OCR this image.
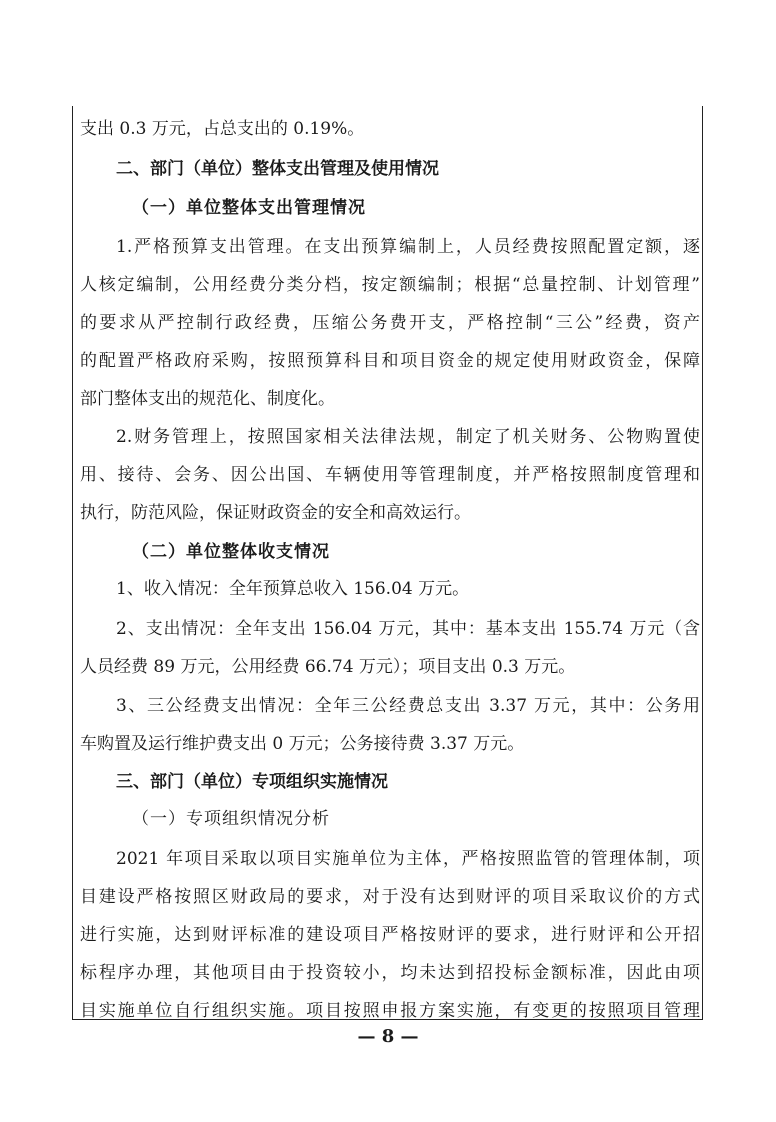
支出 0.3 万元，占总支出的 0.19%。
二、部门（单位）整体支出管理及使用情况
（一）单位整体支出管理情况
1.严格预算支出管理。在支出预算编制上，人员经费按照配置定额，逐
人核定编制，公用经费分类分档，按定额编制；根据“总量控制、计划管理”
的要求从严控制行政经费，压缩公务费开支，严格控制“三公”经费，资产
的配置严格政府采购，按照预算科目和项目资金的规定使用财政资金，保障
部门整体支出的规范化、制度化。
2.财务管理上，按照国家相关法律法规，制定了机关财务、公物购置使
用、接待、会务、因公出国、车辆使用等管理制度，并严格按照制度管理和
执行，防范风险，保证财政资金的安全和高效运行。
（二）单位整体收支情况
1、收入情况：全年预算总收入 156.04 万元。
2、支出情况：全年支出 156.04 万元，其中：基本支出 155.74 万元（含
人员经费 89 万元，公用经费 66.74 万元）；项目支出 0.3 万元。
3、三公经费支出情况：全年三公经费总支出 3.37 万元，其中：公务用
车购置及运行维护费支出 0 万元；公务接待费 3.37 万元。
三、部门（单位）专项组织实施情况
（一）专项组织情况分析
2021 年项目采取以项目实施单位为主体，严格按照监管的管理体制，项
目建设严格按照区财政局的要求，对于没有达到财评的项目采取议价的方式
进行实施，达到财评标准的建设项目严格按财评的要求，进行财评和公开招
标程序办理，其他项目由于投资较小，均未达到招投标金额标准，因此由项
目实施单位自行组织实施。项目按照申报方案实施，有变更的按照项目管理
— 8 —
